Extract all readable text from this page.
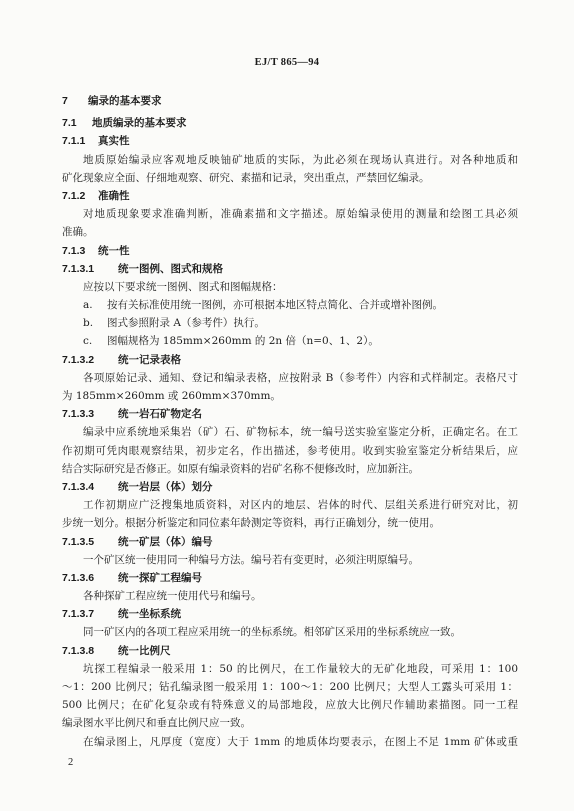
EJ/T 865—94
7 编录的基本要求
7.1 地质编录的基本要求
7.1.1 真实性
地质原始编录应客观地反映铀矿地质的实际，为此必须在现场认真进行。对各种地质和
矿化现象应全面、仔细地观察、研究、素描和记录，突出重点，严禁回忆编录。
7.1.2 准确性
对地质现象要求准确判断，准确素描和文字描述。原始编录使用的测量和绘图工具必须
准确。
7.1.3 统一性
7.1.3.1 统一图例、图式和规格
应按以下要求统一图例、图式和图幅规格：
a. 按有关标准使用统一图例，亦可根据本地区特点简化、合并或增补图例。
b. 图式参照附录 A（参考件）执行。
c. 图幅规格为 185mm×260mm 的 2n 倍（n=0、1、2）。
7.1.3.2 统一记录表格
各项原始记录、通知、登记和编录表格，应按附录 B（参考件）内容和式样制定。表格尺寸
为 185mm×260mm 或 260mm×370mm。
7.1.3.3 统一岩石矿物定名
编录中应系统地采集岩（矿）石、矿物标本，统一编号送实验室鉴定分析，正确定名。在工
作初期可凭肉眼观察结果，初步定名，作出描述，参考使用。收到实验室鉴定分析结果后，应
结合实际研究是否修正。如原有编录资料的岩矿名称不便修改时，应加新注。
7.1.3.4 统一岩层（体）划分
工作初期应广泛搜集地质资料，对区内的地层、岩体的时代、层组关系进行研究对比，初
步统一划分。根据分析鉴定和同位素年龄测定等资料，再行正确划分，统一使用。
7.1.3.5 统一矿层（体）编号
一个矿区统一使用同一种编号方法。编号若有变更时，必须注明原编号。
7.1.3.6 统一探矿工程编号
各种探矿工程应统一使用代号和编号。
7.1.3.7 统一坐标系统
同一矿区内的各项工程应采用统一的坐标系统。相邻矿区采用的坐标系统应一致。
7.1.3.8 统一比例尺
坑探工程编录一般采用 1：50 的比例尺，在工作量较大的无矿化地段，可采用 1：100
～1：200 比例尺；钻孔编录图一般采用 1：100～1：200 比例尺；大型人工露头可采用 1：
500 比例尺；在矿化复杂或有特殊意义的局部地段，应放大比例尺作辅助素描图。同一工程
编录图水平比例尺和垂直比例尺应一致。
在编录图上，凡厚度（宽度）大于 1mm 的地质体均要表示，在图上不足 1mm 矿体或重
2
